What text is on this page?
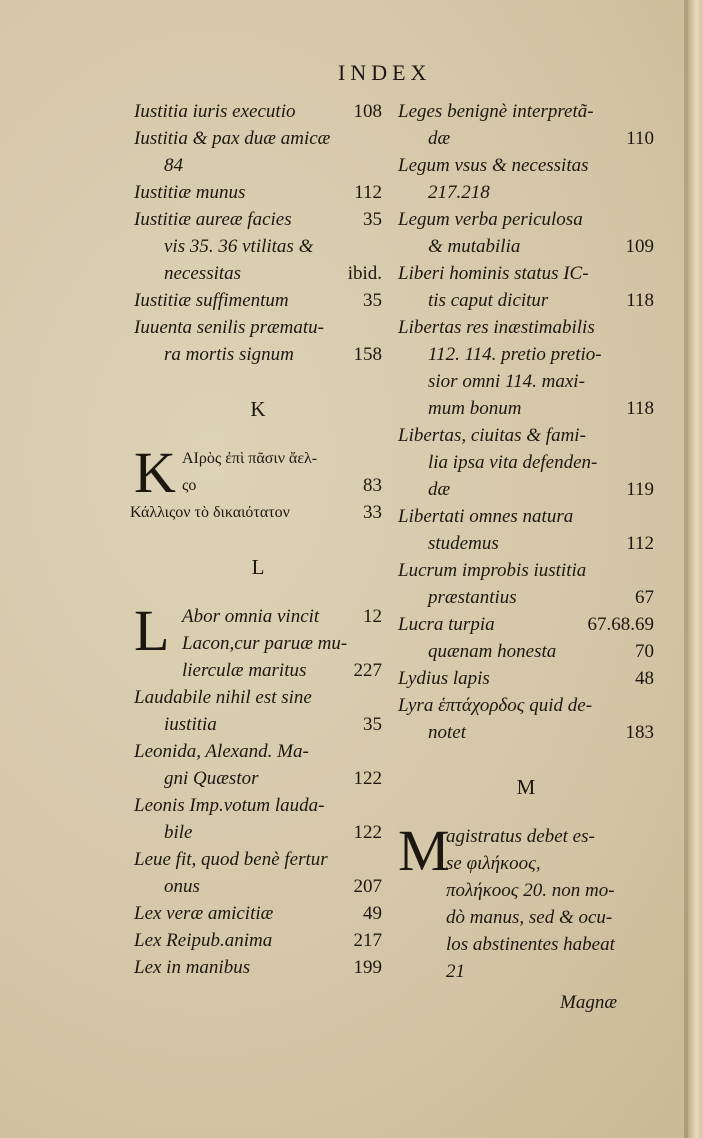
INDEX
Iustitia iuris executio	108
Iustitia & pax duæ amicæ
84
Iustitiæ munus	112
Iustitiæ aureæ facies	35
vis 35. 36 vtilitas &
necessitas	ibid.
Iustitiæ suffimentum	35
Iuuenta senilis præmatu-
ra mortis signum	158
K
K ΑΙρὸς ἐπὶ πᾶσιν ἄελ-
ςο	83
Κάλλιςον τὸ δικαιότατον	33
L
L Abor omnia vincit 12
Lacon,cur paruæ mu-
lierculæ maritus 227
Laudabile nihil est sine
iustitia	35
Leonida, Alexand. Ma-
gni Quæstor	122
Leonis Imp.votum lauda-
bile	122
Leue fit, quod benè fertur
onus	207
Lex veræ amicitiæ	49
Lex Reipub.anima	217
Lex in manibus	199
Leges benignè interpretã-
dæ	110
Legum vsus & necessitas
217.218
Legum verba periculosa
& mutabilia	109
Liberi hominis status IC-
tis caput dicitur	118
Libertas res inæstimabilis
112. 114. pretio pretio-
sior omni 114. maxi-
mum bonum	118
Libertas, ciuitas & fami-
lia ipsa vita defenden-
dæ	119
Libertati omnes natura
studemus	112
Lucrum improbis iustitia
præstantius	67
Lucra turpia	67.68.69
quænam honesta	70
Lydius lapis	48
Lyra ἑπτάχορδος quid de-
notet	183
M
M
agistratus debet es-
se φιλήκοος,
πολήκοος 20. non mo-
dò manus, sed & ocu-
los abstinentes habeat
21
Magnæ
